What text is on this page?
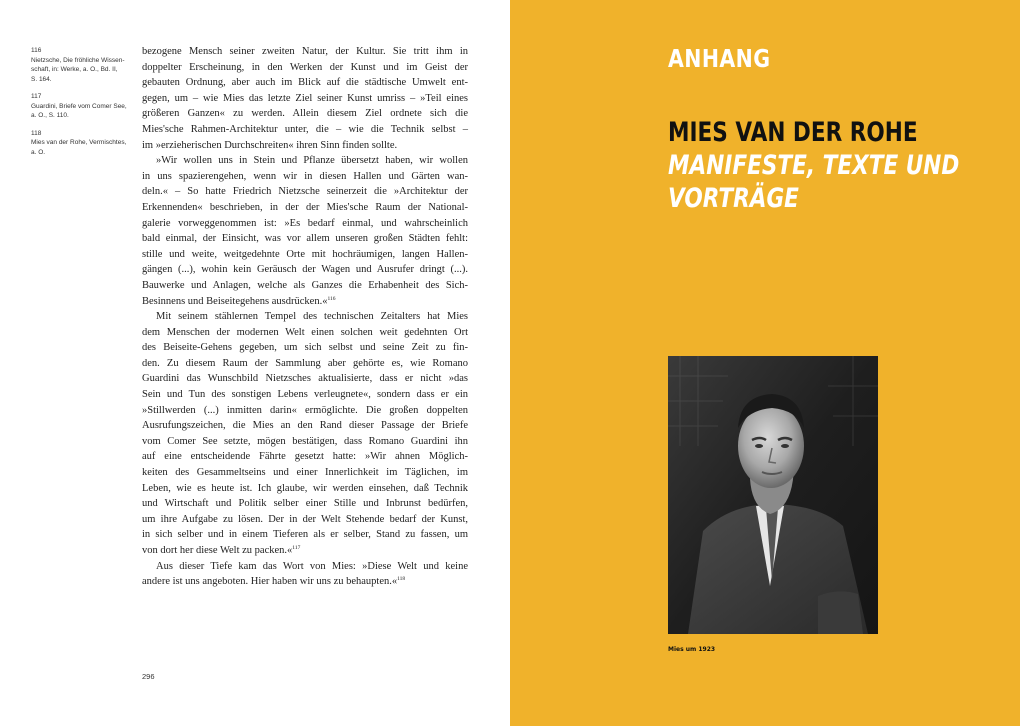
116
Nietzsche, Die fröhliche Wissen-
schaft, in: Werke, a. O., Bd. II,
S. 164.
117
Guardini, Briefe vom Comer See,
a. O., S. 110.
118
Mies van der Rohe, Vermischtes,
a. O.

bezogene Mensch seiner zweiten Natur, der Kultur. Sie tritt ihm in
doppelter Erscheinung, in den Werken der Kunst und im Geist der
gebauten Ordnung, aber auch im Blick auf die städtische Umwelt ent-
gegen, um – wie Mies das letzte Ziel seiner Kunst umriss – »Teil eines
größeren Ganzen« zu werden. Allein diesem Ziel ordnete sich die
Mies'sche Rahmen-Architektur unter, die – wie die Technik selbst –
im »erzieherischen Durchschreiten« ihren Sinn finden sollte.

»Wir wollen uns in Stein und Pflanze übersetzt haben, wir wollen
in uns spazierengehen, wenn wir in diesen Hallen und Gärten wan-
deln.« – So hatte Friedrich Nietzsche seinerzeit die »Architektur der
Erkennenden« beschrieben, in der der Mies'sche Raum der National-
galerie vorweggenommen ist: »Es bedarf einmal, und wahrscheinlich
bald einmal, der Einsicht, was vor allem unseren großen Städten fehlt:
stille und weite, weitgedehnte Orte mit hochräumigen, langen Hallen-
gängen (...), wohin kein Geräusch der Wagen und Ausrufer dringt (...).
Bauwerke und Anlagen, welche als Ganzes die Erhabenheit des Sich-
Besinnens und Beiseitegehens ausdrücken.«$^{116}$

Mit seinem stählernen Tempel des technischen Zeitalters hat Mies
dem Menschen der modernen Welt einen solchen weit gedehnten Ort
des Beiseite-Gehens gegeben, um sich selbst und seine Zeit zu fin-
den. Zu diesem Raum der Sammlung aber gehörte es, wie Romano
Guardini das Wunschbild Nietzsches aktualisierte, dass er nicht »das
Sein und Tun des sonstigen Lebens verleugnete«, sondern dass er ein
»Stillwerden (...) inmitten darin« ermöglichte. Die großen doppelten
Ausrufungszeichen, die Mies an den Rand dieser Passage der Briefe
vom Comer See setzte, mögen bestätigen, dass Romano Guardini ihn
auf eine entscheidende Fährte gesetzt hatte: »Wir ahnen Möglich-
keiten des Gesammeltseins und einer Innerlichkeit im Täglichen, im
Leben, wie es heute ist. Ich glaube, wir werden einsehen, daß Technik
und Wirtschaft und Politik selber einer Stille und Inbrunst bedürfen,
um ihre Aufgabe zu lösen. Der in der Welt Stehende bedarf der Kunst,
in sich selber und in einem Tieferen als er selber, Stand zu fassen, um
von dort her diese Welt zu packen.«$^{117}$

Aus dieser Tiefe kam das Wort von Mies: »Diese Welt und keine
andere ist uns angeboten. Hier haben wir uns zu behaupten.«$^{118}$

296
ANHANG
MIES VAN DER ROHE
MANIFESTE, TEXTE UND
VORTRÄGE
Mies um 1923
